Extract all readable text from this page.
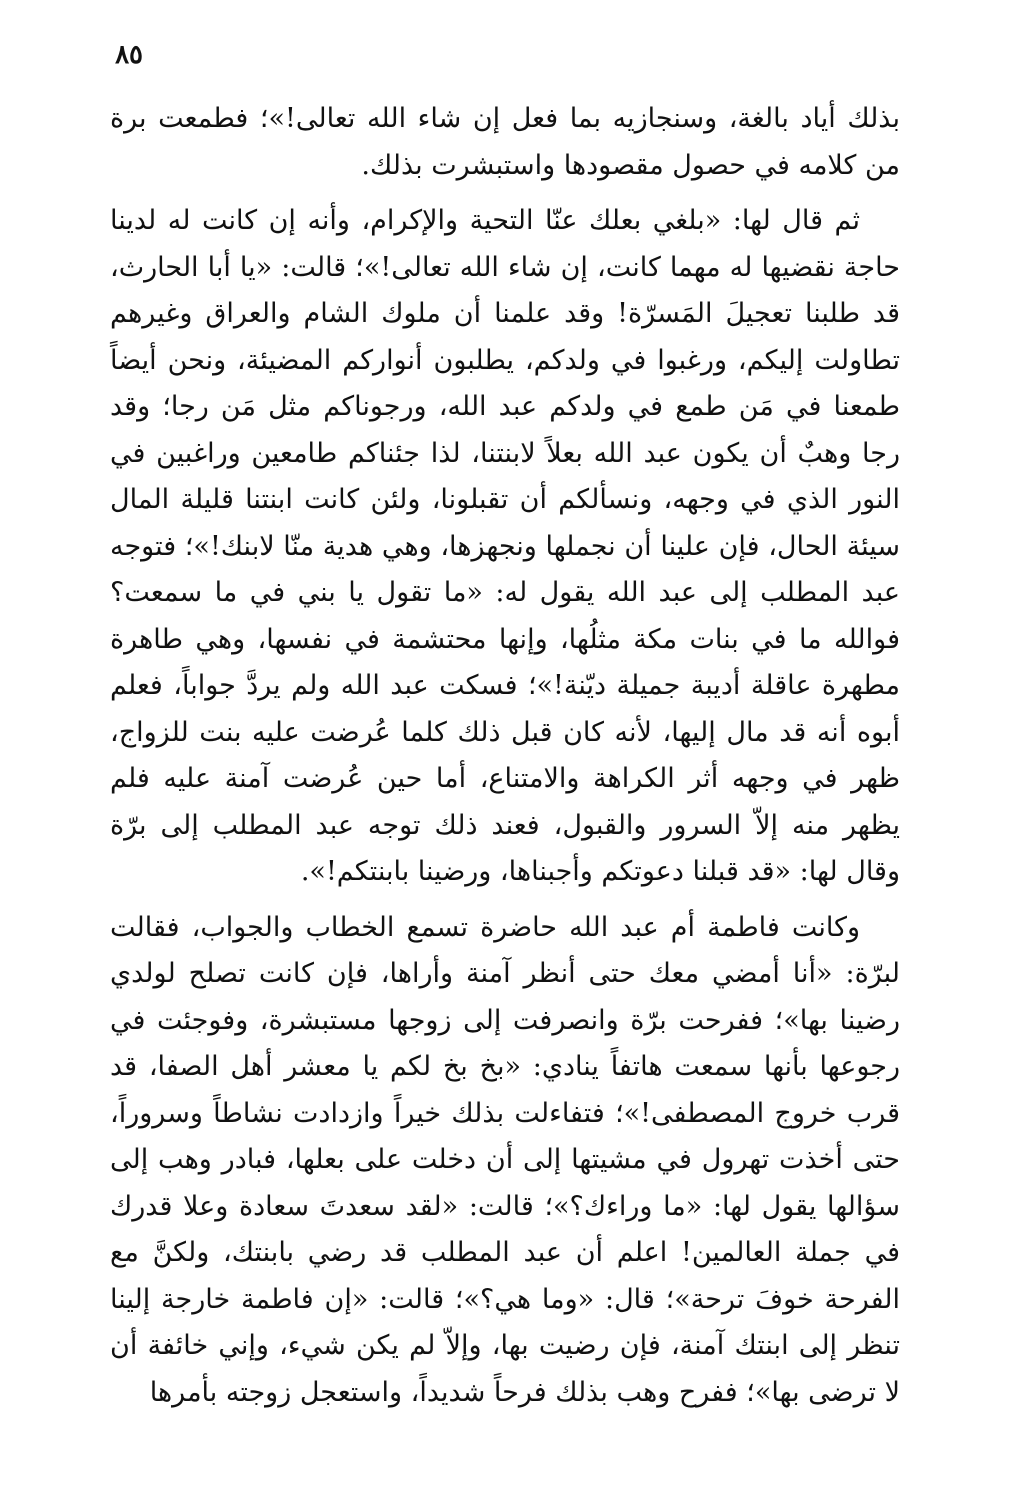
٨٥

بذلك أياد بالغة، وسنجازيه بما فعل إن شاء الله تعالى!»؛ فطمعت برة من كلامه في حصول مقصودها واستبشرت بذلك.

ثم قال لها: «بلغي بعلك عنّا التحية والإكرام، وأنه إن كانت له لدينا حاجة نقضيها له مهما كانت، إن شاء الله تعالى!»؛ قالت: «يا أبا الحارث، قد طلبنا تعجيلَ المَسرّة! وقد علمنا أن ملوك الشام والعراق وغيرهم تطاولت إليكم، ورغبوا في ولدكم، يطلبون أنواركم المضيئة، ونحن أيضاً طمعنا في مَن طمع في ولدكم عبد الله، ورجوناكم مثل مَن رجا؛ وقد رجا وهبٌ أن يكون عبد الله بعلاً لابنتنا، لذا جئناكم طامعين وراغبين في النور الذي في وجهه، ونسألكم أن تقبلونا، ولئن كانت ابنتنا قليلة المال سيئة الحال، فإن علينا أن نجملها ونجهزها، وهي هدية منّا لابنك!»؛ فتوجه عبد المطلب إلى عبد الله يقول له: «ما تقول يا بني في ما سمعت؟ فوالله ما في بنات مكة مثلُها، وإنها محتشمة في نفسها، وهي طاهرة مطهرة عاقلة أديبة جميلة ديّنة!»؛ فسكت عبد الله ولم يردَّ جواباً، فعلم أبوه أنه قد مال إليها، لأنه كان قبل ذلك كلما عُرضت عليه بنت للزواج، ظهر في وجهه أثر الكراهة والامتناع، أما حين عُرضت آمنة عليه فلم يظهر منه إلاّ السرور والقبول، فعند ذلك توجه عبد المطلب إلى برّة وقال لها: «قد قبلنا دعوتكم وأجبناها، ورضينا بابنتكم!».

وكانت فاطمة أم عبد الله حاضرة تسمع الخطاب والجواب، فقالت لبرّة: «أنا أمضي معك حتى أنظر آمنة وأراها، فإن كانت تصلح لولدي رضينا بها»؛ ففرحت برّة وانصرفت إلى زوجها مستبشرة، وفوجئت في رجوعها بأنها سمعت هاتفاً ينادي: «بخ بخ لكم يا معشر أهل الصفا، قد قرب خروج المصطفى!»؛ فتفاءلت بذلك خيراً وازدادت نشاطاً وسروراً، حتى أخذت تهرول في مشيتها إلى أن دخلت على بعلها، فبادر وهب إلى سؤالها يقول لها: «ما وراءك؟»؛ قالت: «لقد سعدتَ سعادة وعلا قدرك في جملة العالمين! اعلم أن عبد المطلب قد رضي بابنتك، ولكنَّ مع الفرحة خوفَ ترحة»؛ قال: «وما هي؟»؛ قالت: «إن فاطمة خارجة إلينا تنظر إلى ابنتك آمنة، فإن رضيت بها، وإلاّ لم يكن شيء، وإني خائفة أن لا ترضى بها»؛ ففرح وهب بذلك فرحاً شديداً، واستعجل زوجته بأمرها
